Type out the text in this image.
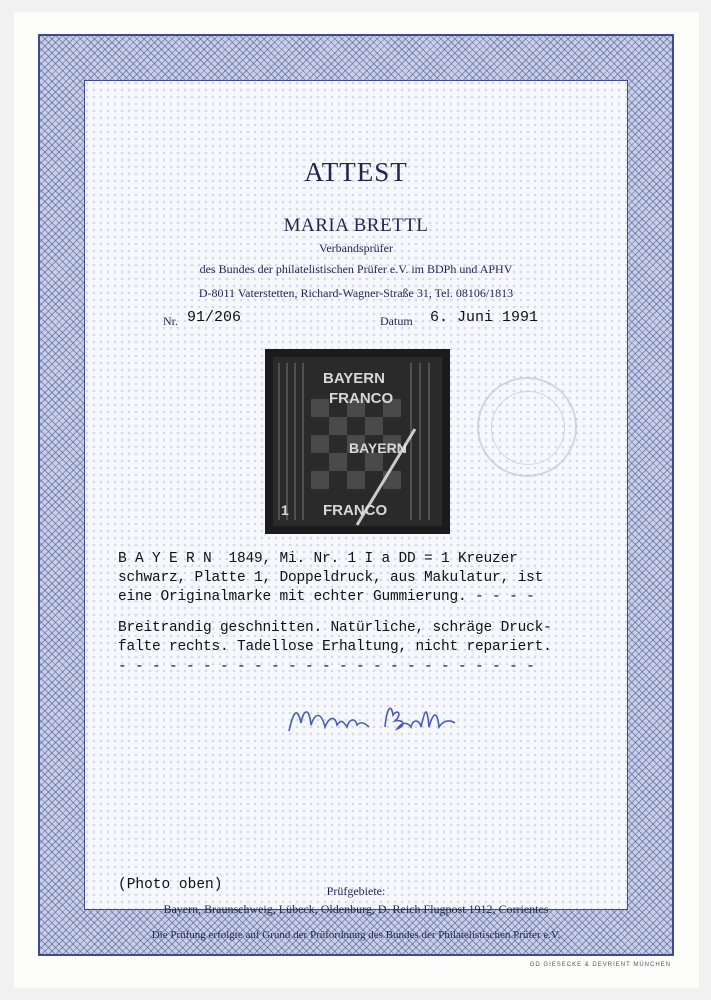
ATTEST
MARIA BRETTL
Verbandsprüfer
des Bundes der philatelistischen Prüfer e.V. im BDPh und APHV
D-8011 Vaterstetten, Richard-Wagner-Straße 31, Tel. 08106/1813
Nr. 91/206	Datum 6. Juni 1991
BAYERN
FRANCO
BAYERN
FRANCO
1
B A Y E R N  1849, Mi. Nr. 1 I a DD = 1 Kreuzer
schwarz, Platte 1, Doppeldruck, aus Makulatur, ist
eine Originalmarke mit echter Gummierung. - - - -
Breitrandig geschnitten. Natürliche, schräge Druck-
falte rechts. Tadellose Erhaltung, nicht repariert.
- - - - - - - - - - - - - - - - - - - - - - - - -
(Photo oben)	Prüfgebiete:
Bayern, Braunschweig, Lübeck, Oldenburg, D. Reich Flugpost 1912, Corrientes
Die Prüfung erfolgte auf Grund der Prüfordnung des Bundes der Philatelistischen Prüfer e.V.
GD GIESECKE & DEVRIENT MÜNCHEN
